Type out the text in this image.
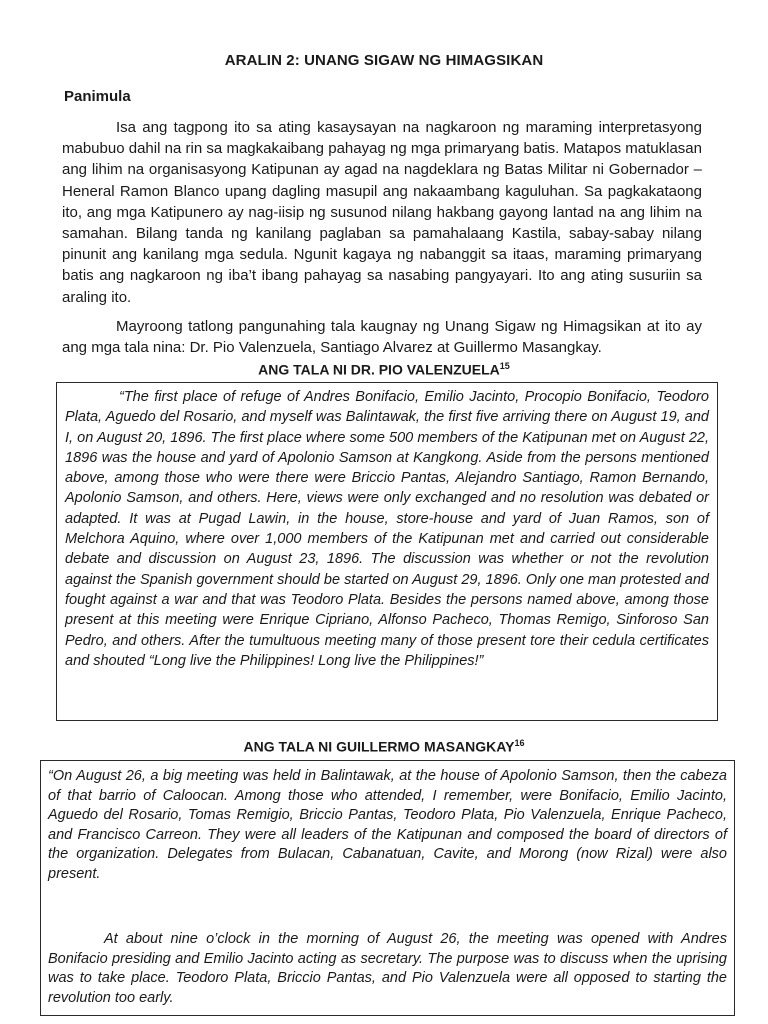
ARALIN 2: UNANG SIGAW NG HIMAGSIKAN
Panimula

Isa ang tagpong ito sa ating kasaysayan na nagkaroon ng maraming interpretasyong mabubuo dahil na rin sa magkakaibang pahayag ng mga primaryang batis. Matapos matuklasan ang lihim na organisasyong Katipunan ay agad na nagdeklara ng Batas Militar ni Gobernador – Heneral Ramon Blanco upang dagling masupil ang nakaambang kaguluhan. Sa pagkakataong ito, ang mga Katipunero ay nag-iisip ng susunod nilang hakbang gayong lantad na ang lihim na samahan. Bilang tanda ng kanilang paglaban sa pamahalaang Kastila, sabay-sabay nilang pinunit ang kanilang mga sedula. Ngunit kagaya ng nabanggit sa itaas, maraming primaryang batis ang nagkaroon ng iba’t ibang pahayag sa nasabing pangyayari. Ito ang ating susuriin sa araling ito.

Mayroong tatlong pangunahing tala kaugnay ng Unang Sigaw ng Himagsikan at ito ay ang mga tala nina: Dr. Pio Valenzuela, Santiago Alvarez at Guillermo Masangkay.

ANG TALA NI DR. PIO VALENZUELA$^{15}$

“The first place of refuge of Andres Bonifacio, Emilio Jacinto, Procopio Bonifacio, Teodoro Plata, Aguedo del Rosario, and myself was Balintawak, the first five arriving there on August 19, and I, on August 20, 1896. The first place where some 500 members of the Katipunan met on August 22, 1896 was the house and yard of Apolonio Samson at Kangkong. Aside from the persons mentioned above, among those who were there were Briccio Pantas, Alejandro Santiago, Ramon Bernando, Apolonio Samson, and others. Here, views were only exchanged and no resolution was debated or adapted. It was at Pugad Lawin, in the house, store-house and yard of Juan Ramos, son of Melchora Aquino, where over 1,000 members of the Katipunan met and carried out considerable debate and discussion on August 23, 1896. The discussion was whether or not the revolution against the Spanish government should be started on August 29, 1896. Only one man protested and fought against a war and that was Teodoro Plata. Besides the persons named above, among those present at this meeting were Enrique Cipriano, Alfonso Pacheco, Thomas Remigo, Sinforoso San Pedro, and others. After the tumultuous meeting many of those present tore their cedula certificates and shouted “Long live the Philippines! Long live the Philippines!”

ANG TALA NI GUILLERMO MASANGKAY$^{16}$

“On August 26, a big meeting was held in Balintawak, at the house of Apolonio Samson, then the cabeza of that barrio of Caloocan. Among those who attended, I remember, were Bonifacio, Emilio Jacinto, Aguedo del Rosario, Tomas Remigio, Briccio Pantas, Teodoro Plata, Pio Valenzuela, Enrique Pacheco, and Francisco Carreon. They were all leaders of the Katipunan and composed the board of directors of the organization. Delegates from Bulacan, Cabanatuan, Cavite, and Morong (now Rizal) were also present.

At about nine o’clock in the morning of August 26, the meeting was opened with Andres Bonifacio presiding and Emilio Jacinto acting as secretary. The purpose was to discuss when the uprising was to take place. Teodoro Plata, Briccio Pantas, and Pio Valenzuela were all opposed to starting the revolution too early.
